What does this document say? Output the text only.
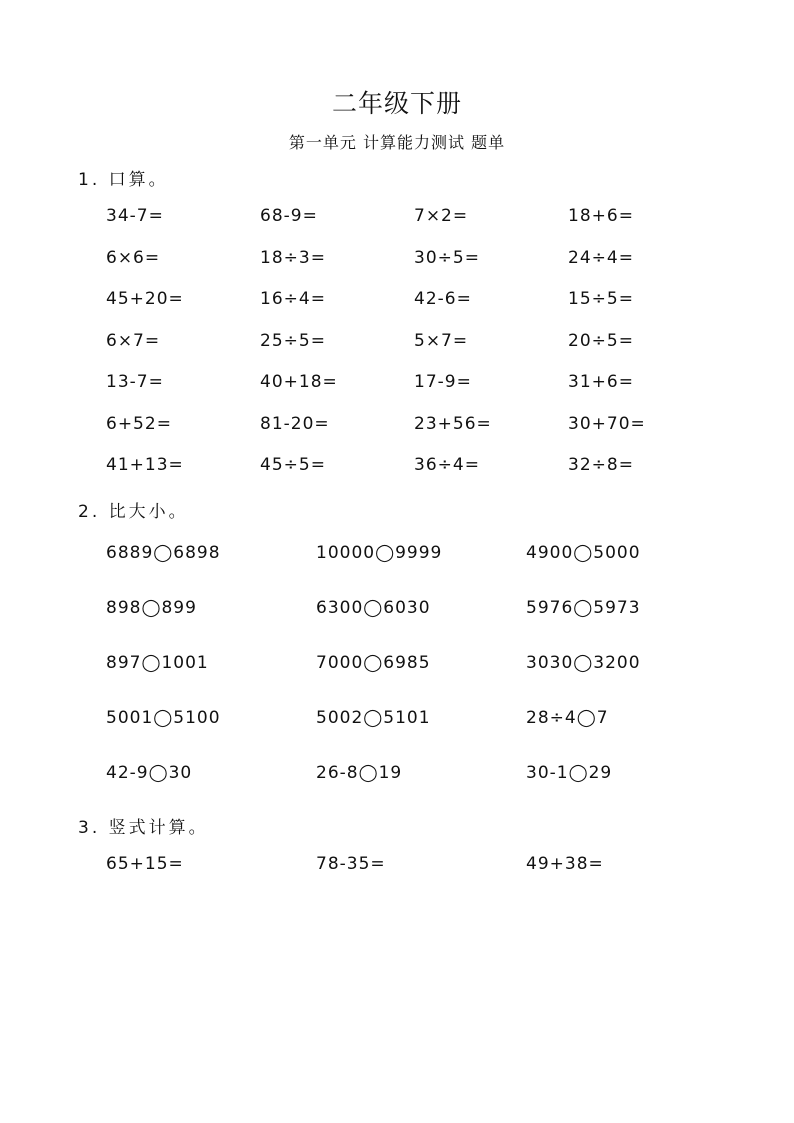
二年级下册
第一单元 计算能力测试 题单
1. 口算。
34-7=	68-9=	7×2=	18+6=
6×6=	18÷3=	30÷5=	24÷4=
45+20=	16÷4=	42-6=	15÷5=
6×7=	25÷5=	5×7=	20÷5=
13-7=	40+18=	17-9=	31+6=
6+52=	81-20=	23+56=	30+70=
41+13=	45÷5=	36÷4=	32÷8=
2. 比大小。
6889◯6898	10000◯9999	4900◯5000
898◯899	6300◯6030	5976◯5973
897◯1001	7000◯6985	3030◯3200
5001◯5100	5002◯5101	28÷4◯7
42-9◯30	26-8◯19	30-1◯29
3. 竖式计算。
65+15=	78-35=	49+38=
